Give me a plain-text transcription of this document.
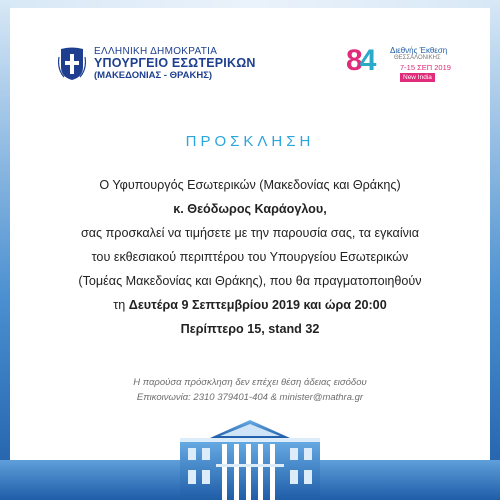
ΕΛΛΗΝΙΚΗ ΔΗΜΟΚΡΑΤΙΑ
ΥΠΟΥΡΓΕΙΟ ΕΣΩΤΕΡΙΚΩΝ
(ΜΑΚΕΔΟΝΙΑΣ - ΘΡΑΚΗΣ)	84 Διεθνής Έκθεση
ΘΕΣΣΑΛΟΝΙΚΗΣ
7-15 ΣΕΠ 2019
New India
ΠΡΟΣΚΛΗΣΗ
Ο Υφυπουργός Εσωτερικών (Μακεδονίας και Θράκης)
κ. Θεόδωρος Καράογλου,
σας προσκαλεί να τιμήσετε με την παρουσία σας, τα εγκαίνια
του εκθεσιακού περιπτέρου του Υπουργείου Εσωτερικών
(Τομέας Μακεδονίας και Θράκης), που θα πραγματοποιηθούν
τη Δευτέρα 9 Σεπτεμβρίου 2019 και ώρα 20:00
Περίπτερο 15, stand 32
Η παρούσα πρόσκληση δεν επέχει θέση άδειας εισόδου
Επικοινωνία: 2310 379401-404 & minister@mathra.gr
